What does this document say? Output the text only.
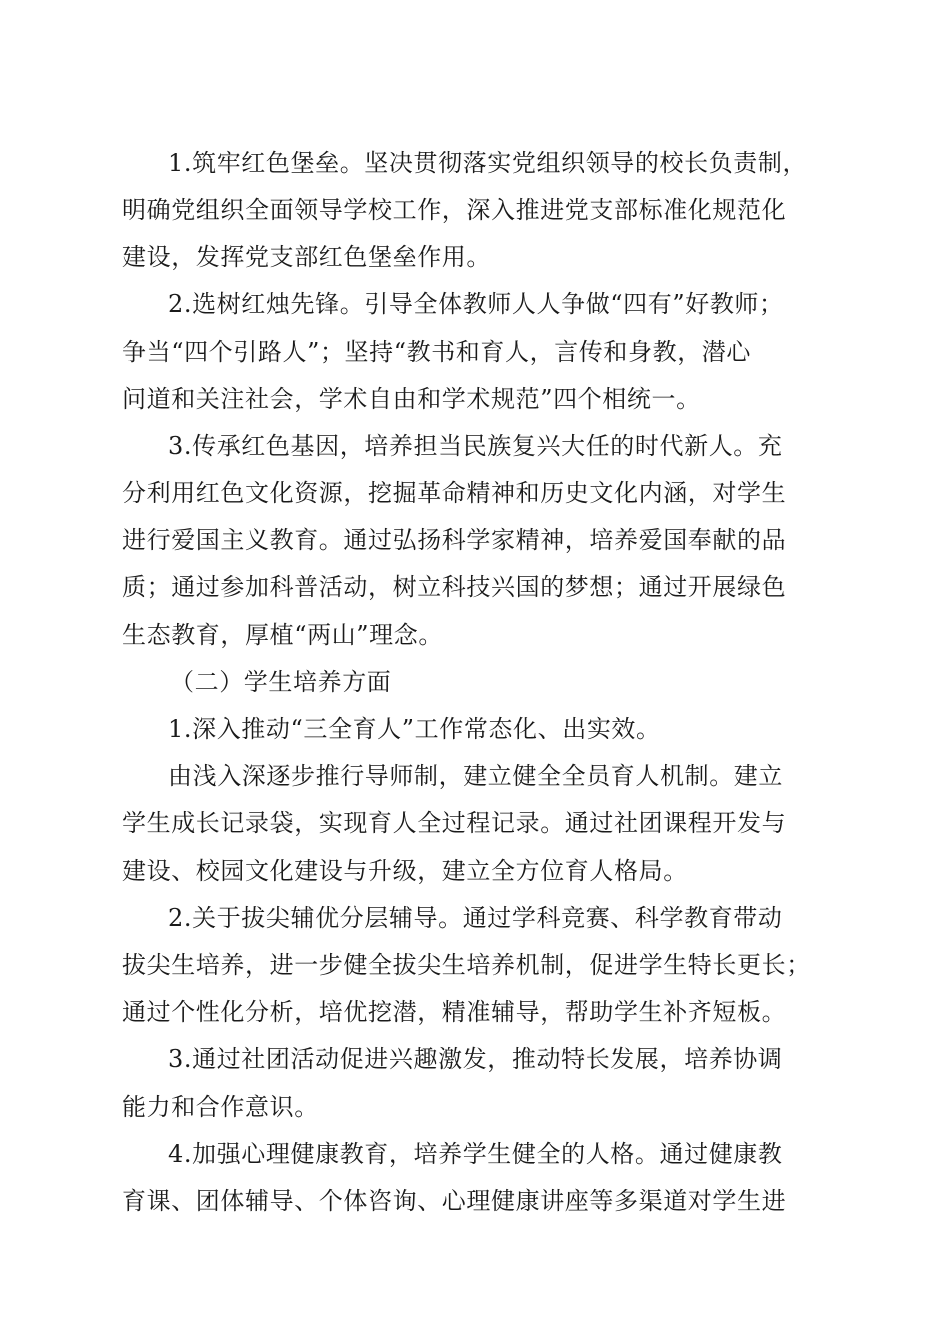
1.筑牢红色堡垒。坚决贯彻落实党组织领导的校长负责制，
明确党组织全面领导学校工作，深入推进党支部标准化规范化
建设，发挥党支部红色堡垒作用。
2.选树红烛先锋。引导全体教师人人争做“四有”好教师；
争当“四个引路人”；坚持“教书和育人，言传和身教，潜心
问道和关注社会，学术自由和学术规范”四个相统一。
3.传承红色基因，培养担当民族复兴大任的时代新人。充
分利用红色文化资源，挖掘革命精神和历史文化内涵，对学生
进行爱国主义教育。通过弘扬科学家精神，培养爱国奉献的品
质；通过参加科普活动，树立科技兴国的梦想；通过开展绿色
生态教育，厚植“两山”理念。
（二）学生培养方面
1.深入推动“三全育人”工作常态化、出实效。
由浅入深逐步推行导师制，建立健全全员育人机制。建立
学生成长记录袋，实现育人全过程记录。通过社团课程开发与
建设、校园文化建设与升级，建立全方位育人格局。
2.关于拔尖辅优分层辅导。通过学科竞赛、科学教育带动
拔尖生培养，进一步健全拔尖生培养机制，促进学生特长更长；
通过个性化分析，培优挖潜，精准辅导，帮助学生补齐短板。
3.通过社团活动促进兴趣激发，推动特长发展，培养协调
能力和合作意识。
4.加强心理健康教育，培养学生健全的人格。通过健康教
育课、团体辅导、个体咨询、心理健康讲座等多渠道对学生进
